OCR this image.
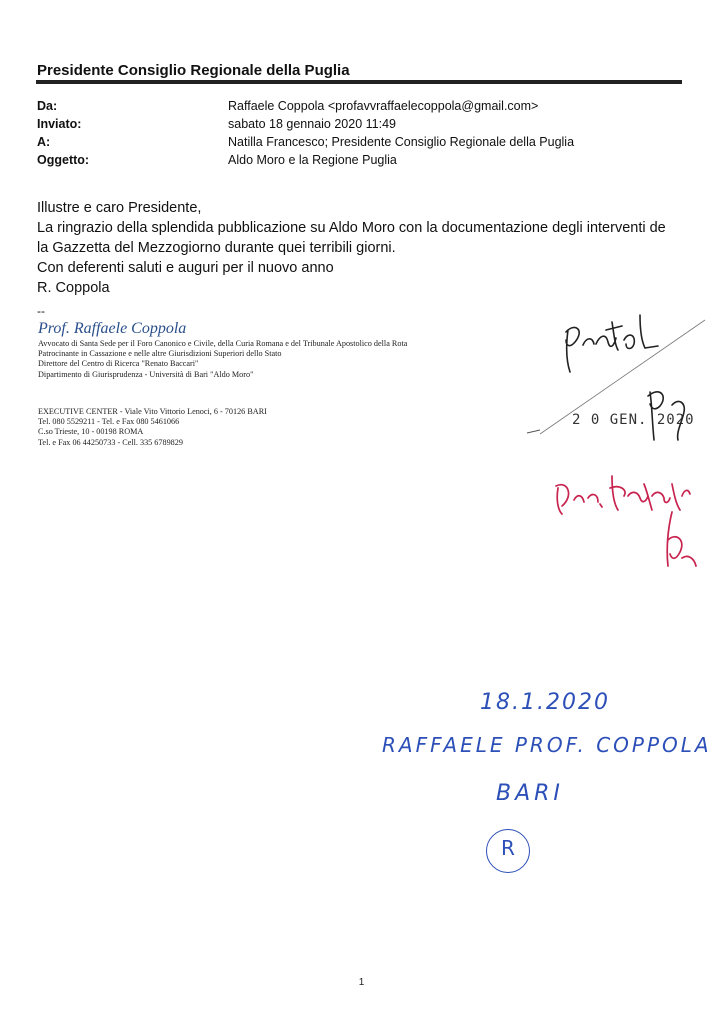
Presidente Consiglio Regionale della Puglia
Da:	Raffaele Coppola <profavvraffaelecoppola@gmail.com>
Inviato:	sabato 18 gennaio 2020 11:49
A:	Natilla Francesco; Presidente Consiglio Regionale della Puglia
Oggetto:	Aldo Moro e la Regione Puglia
Illustre e caro Presidente,
La ringrazio della splendida pubblicazione su Aldo Moro con la documentazione degli interventi de
la Gazzetta del Mezzogiorno durante quei terribili giorni.
Con deferenti saluti e auguri per il nuovo anno
R. Coppola
--
Prof. Raffaele Coppola
Avvocato di Santa Sede per il Foro Canonico e Civile, della Curia Romana e del Tribunale Apostolico della Rota
Patrocinante in Cassazione e nelle altre Giurisdizioni Superiori dello Stato
Direttore del Centro di Ricerca "Renato Baccari"
Dipartimento di Giurisprudenza - Università di Bari "Aldo Moro"
EXECUTIVE CENTER - Viale Vito Vittorio Lenoci, 6 - 70126 BARI
Tel. 080 5529211 - Tel. e Fax 080 5461066
C.so Trieste, 10 - 00198 ROMA
Tel. e Fax 06 44250733 - Cell. 335 6789829
2 0 GEN. 2020
18.1.2020
RAFFAELE PROF. COPPOLA
BARI
R
1
